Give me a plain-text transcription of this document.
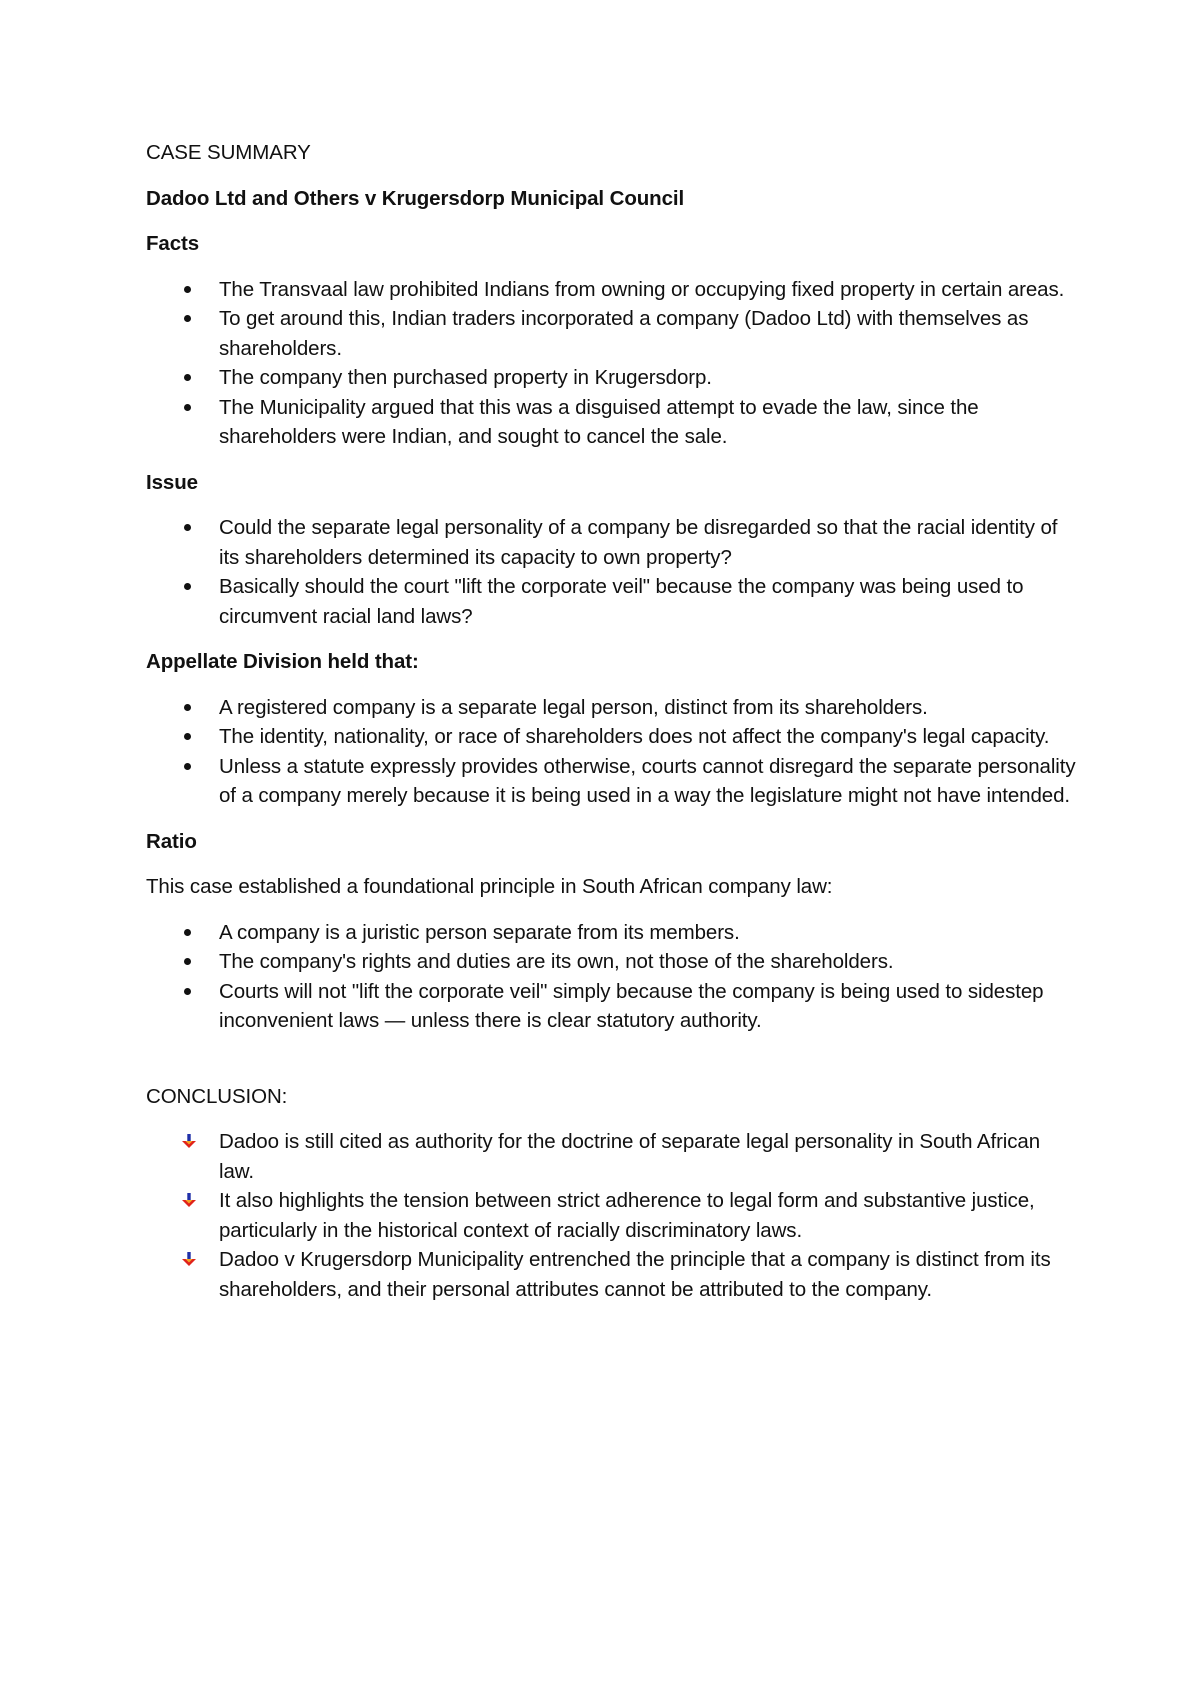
CASE SUMMARY

Dadoo Ltd and Others v Krugersdorp Municipal Council

Facts

The Transvaal law prohibited Indians from owning or occupying fixed property in certain areas.
To get around this, Indian traders incorporated a company (Dadoo Ltd) with themselves as shareholders.
The company then purchased property in Krugersdorp.
The Municipality argued that this was a disguised attempt to evade the law, since the shareholders were Indian, and sought to cancel the sale.

Issue

Could the separate legal personality of a company be disregarded so that the racial identity of its shareholders determined its capacity to own property?
Basically should the court "lift the corporate veil" because the company was being used to circumvent racial land laws?

Appellate Division held that:

A registered company is a separate legal person, distinct from its shareholders.
The identity, nationality, or race of shareholders does not affect the company's legal capacity.
Unless a statute expressly provides otherwise, courts cannot disregard the separate personality of a company merely because it is being used in a way the legislature might not have intended.

Ratio

This case established a foundational principle in South African company law:

A company is a juristic person separate from its members.
The company's rights and duties are its own, not those of the shareholders.
Courts will not "lift the corporate veil" simply because the company is being used to sidestep inconvenient laws — unless there is clear statutory authority.

CONCLUSION:

Dadoo is still cited as authority for the doctrine of separate legal personality in South African law.
It also highlights the tension between strict adherence to legal form and substantive justice, particularly in the historical context of racially discriminatory laws.
Dadoo v Krugersdorp Municipality entrenched the principle that a company is distinct from its shareholders, and their personal attributes cannot be attributed to the company.
